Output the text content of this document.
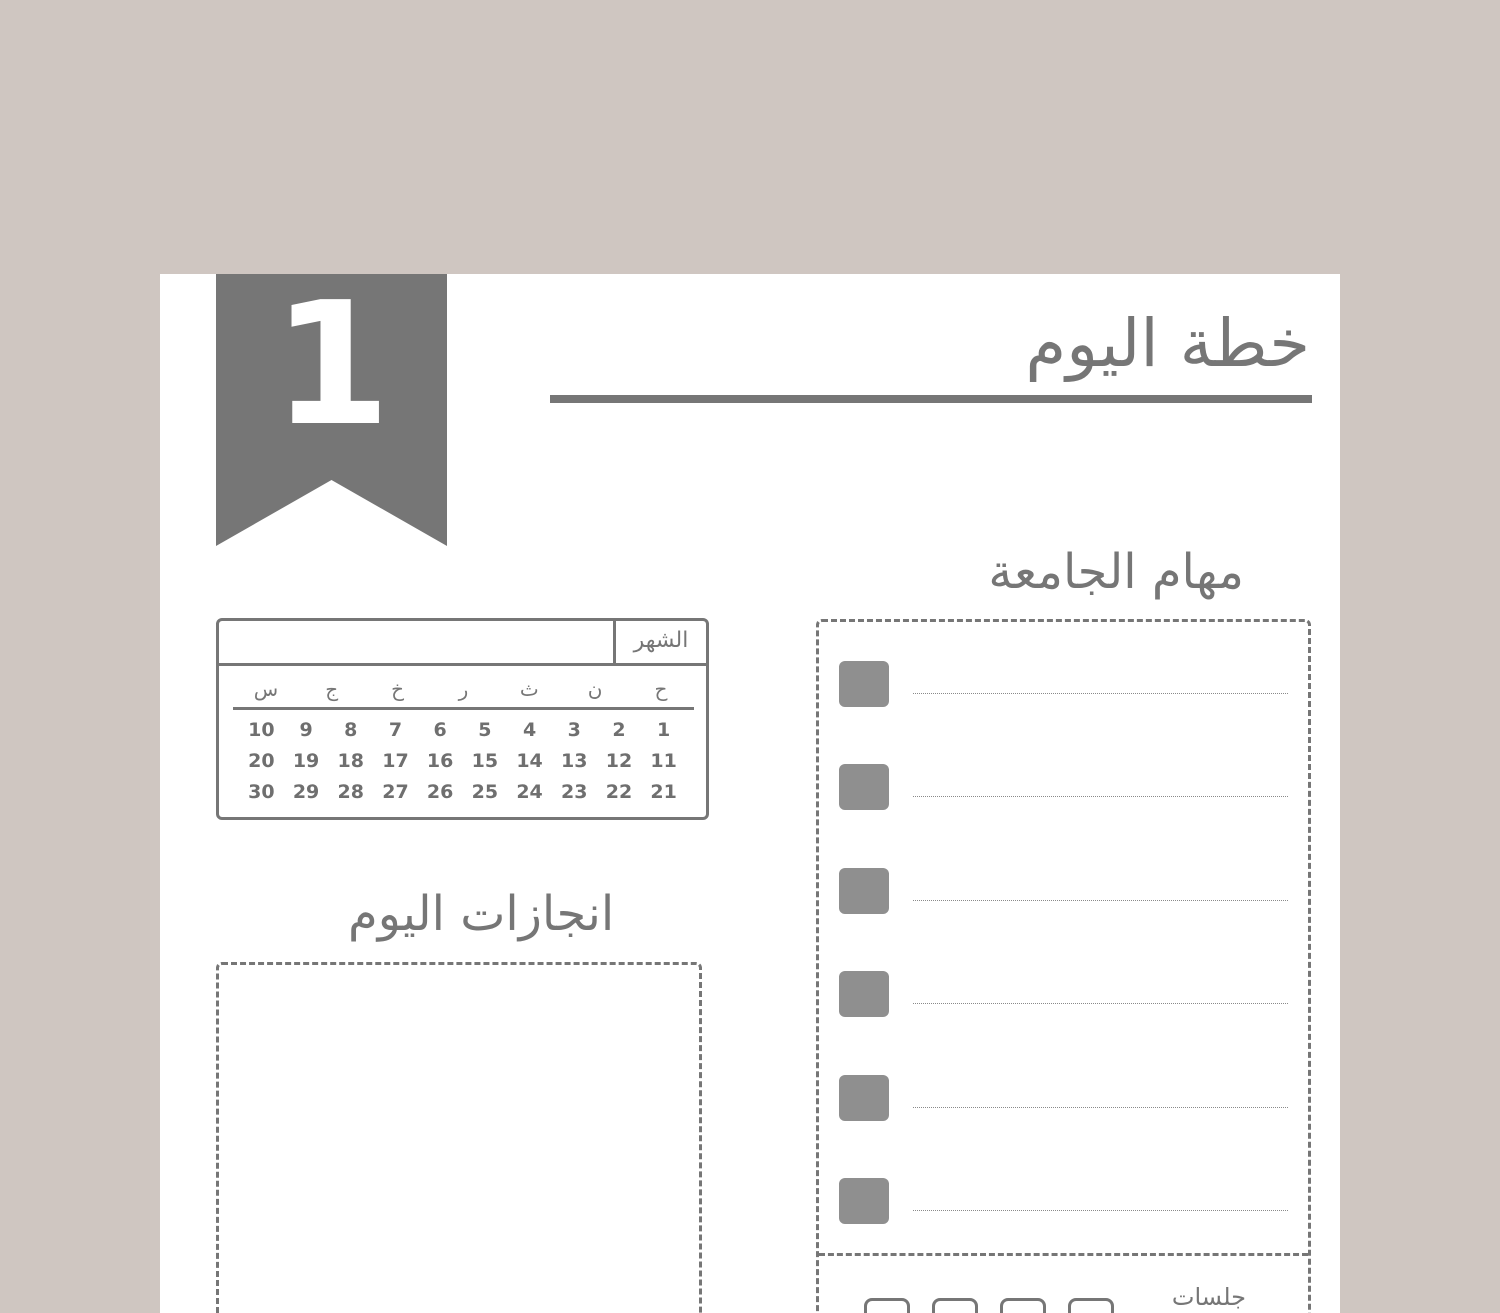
1	خطة اليوم
مهام الجامعة
الشهر
ح
ن
ث
ر
خ
ج
س
1
2
3
4
5
6
7
8
9
10
11
12
13
14
15
16
17
18
19
20
21
22
23
24
25
26
27
28
29
30
جلسات
انجازات اليوم
